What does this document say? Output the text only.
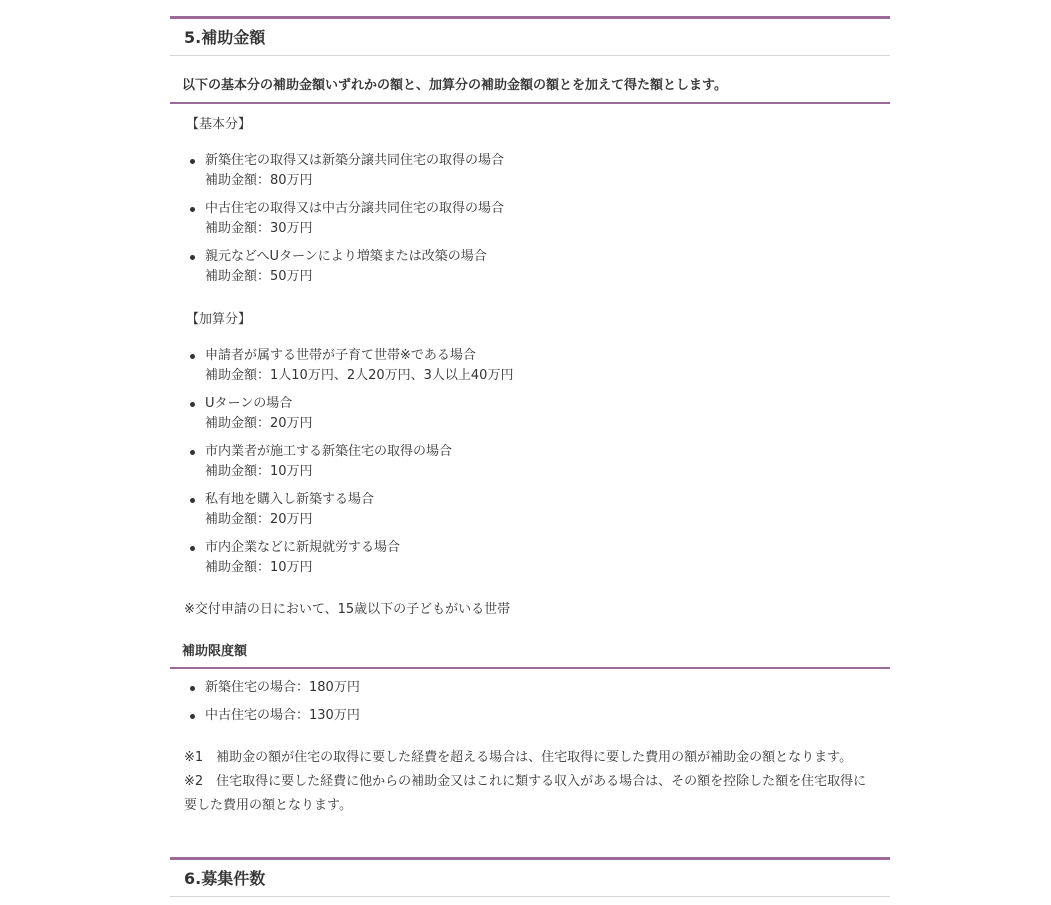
5.補助金額
以下の基本分の補助金額いずれかの額と、加算分の補助金額の額とを加えて得た額とします。
【基本分】
新築住宅の取得又は新築分譲共同住宅の取得の場合
補助金額：80万円
中古住宅の取得又は中古分譲共同住宅の取得の場合
補助金額：30万円
親元などへUターンにより増築または改築の場合
補助金額：50万円
【加算分】
申請者が属する世帯が子育て世帯※である場合
補助金額：1人10万円、2人20万円、3人以上40万円
Uターンの場合
補助金額：20万円
市内業者が施工する新築住宅の取得の場合
補助金額：10万円
私有地を購入し新築する場合
補助金額：20万円
市内企業などに新規就労する場合
補助金額：10万円
※交付申請の日において、15歳以下の子どもがいる世帯
補助限度額
新築住宅の場合：180万円
中古住宅の場合：130万円

※1　補助金の額が住宅の取得に要した経費を超える場合は、住宅取得に要した費用の額が補助金の額となります。

※2　住宅取得に要した経費に他からの補助金又はこれに類する収入がある場合は、その額を控除した額を住宅取得に要した費用の額となります。

6.募集件数
